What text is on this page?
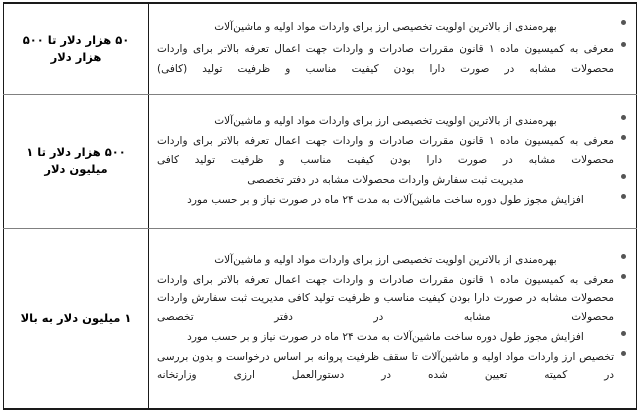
بهره‌مندی از بالاترین اولویت تخصیصی ارز برای واردات مواد اولیه و ماشین‌آلات
معرفی به کمیسیون ماده ۱ قانون مقررات صادرات و واردات جهت اعمال تعرفه بالاتر برای واردات محصولات مشابه در صورت دارا بودن کیفیت مناسب و ظرفیت تولید (کافی)

۵۰ هزار دلار تا ۵۰۰ هزار دلار

بهره‌مندی از بالاترین اولویت تخصیصی ارز برای واردات مواد اولیه و ماشین‌آلات
معرفی به کمیسیون ماده ۱ قانون مقررات صادرات و واردات جهت اعمال تعرفه بالاتر برای واردات محصولات مشابه در صورت دارا بودن کیفیت مناسب و ظرفیت تولید کافی
مدیریت ثبت سفارش واردات محصولات مشابه در دفتر تخصصی
افزایش مجوز طول دوره ساخت ماشین‌آلات به مدت ۲۴ ماه در صورت نیاز و بر حسب مورد

۵۰۰ هزار دلار تا ۱ میلیون دلار

بهره‌مندی از بالاترین اولویت تخصیصی ارز برای واردات مواد اولیه و ماشین‌آلات
معرفی به کمیسیون ماده ۱ قانون مقررات صادرات و واردات جهت اعمال تعرفه بالاتر برای واردات محصولات مشابه در صورت دارا بودن کیفیت مناسب و ظرفیت تولید کافی مدیریت ثبت سفارش واردات محصولات مشابه در دفتر تخصصی
افزایش مجوز طول دوره ساخت ماشین‌آلات به مدت ۲۴ ماه در صورت نیاز و بر حسب مورد
تخصیص ارز واردات مواد اولیه و ماشین‌آلات تا سقف ظرفیت پروانه بر اساس درخواست و بدون بررسی در کمیته تعیین شده در دستورالعمل ارزی وزارتخانه

۱ میلیون دلار به بالا
